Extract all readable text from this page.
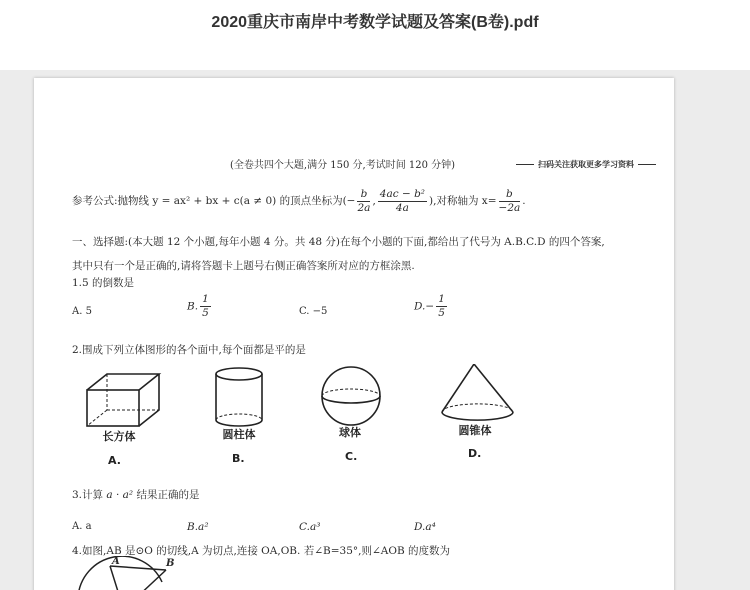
2020重庆市南岸中考数学试题及答案(B卷).pdf
(全卷共四个大题,满分 150 分,考试时间 120 分钟)	扫码关注获取更多学习资料
参考公式:抛物线 y = ax² + bx + c(a ≠ 0) 的顶点坐标为(− $\frac{b}{2a}$ , $\frac{\text{4ac − b²}}{4a}$ ),对称轴为 $x= \frac{b}{-2a}$ .
一、选择题:(本大题 12 个小题,每年小题 4 分。共 48 分)在每个小题的下面,都给出了代号为 A.B.C.D 的四个答案,
其中只有一个是正确的,请将答题卡上题号右侧正确答案所对应的方框涂黑.
1.5 的倒数是
A. 5	B. $\frac{1}{5}$	C. −5	$D.- \frac{1}{5}$
2.围成下列立体图形的各个面中,每个面都是平的是
长方体	圆柱体	球体	圆锥体
A.	B.	C.	D.
3.计算 a · a² 结果正确的是
A. a	B.a²	C.a³	D.a⁴
4.如图,AB 是⊙O 的切线,A 为切点,连接 OA,OB. 若∠B=35°,则∠AOB 的度数为
A	B
